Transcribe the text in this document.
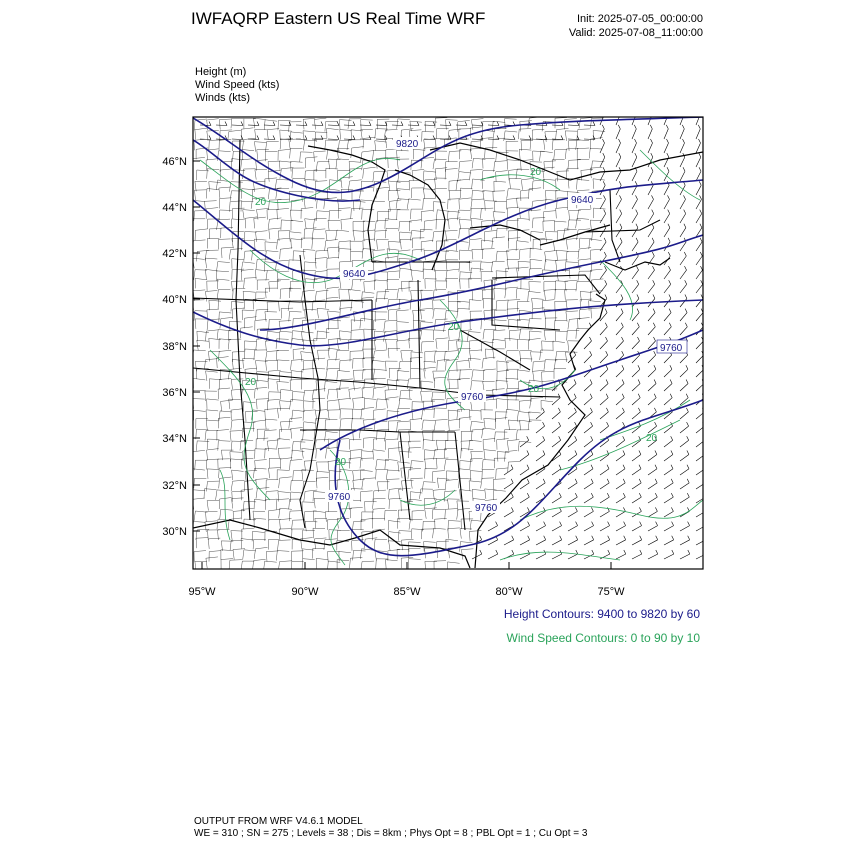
IWFAQRP Eastern US Real Time WRF	Init: 2025-07-05_00:00:00
Valid: 2025-07-08_11:00:00
Height (m)
Wind Speed (kts)
Winds (kts)
9820
9640
9640
9760
9760
9760
9760
20
20
20
20
20
20
20
46°N
44°N
42°N
40°N
38°N
36°N
34°N
32°N
30°N
95°W	90°W	85°W	80°W	75°W
Height Contours: 9400 to 9820 by 60
Wind Speed Contours: 0 to 90 by 10
OUTPUT FROM WRF V4.6.1 MODEL
WE = 310 ; SN = 275 ; Levels = 38 ; Dis = 8km ; Phys Opt = 8 ; PBL Opt = 1 ; Cu Opt = 3
